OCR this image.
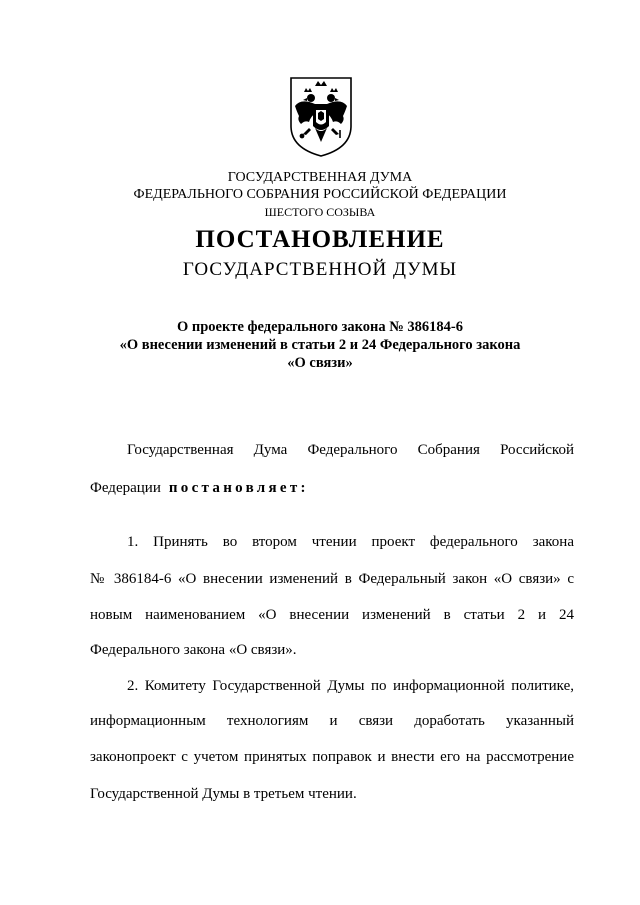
ГОСУДАРСТВЕННАЯ ДУМА
ФЕДЕРАЛЬНОГО СОБРАНИЯ РОССИЙСКОЙ ФЕДЕРАЦИИ
ШЕСТОГО СОЗЫВА
ПОСТАНОВЛЕНИЕ
ГОСУДАРСТВЕННОЙ ДУМЫ
О проекте федерального закона № 386184-6
«О внесении изменений в статьи 2 и 24 Федерального закона
«О связи»
Государственная Дума Федерального Собрания Российской
Федерации постановляет:
1. Принять во втором чтении проект федерального закона
№ 386184-6 «О внесении изменений в Федеральный закон «О связи» с
новым наименованием «О внесении изменений в статьи 2 и 24
Федерального закона «О связи».
2. Комитету Государственной Думы по информационной политике,
информационным технологиям и связи доработать указанный
законопроект с учетом принятых поправок и внести его на рассмотрение
Государственной Думы в третьем чтении.
